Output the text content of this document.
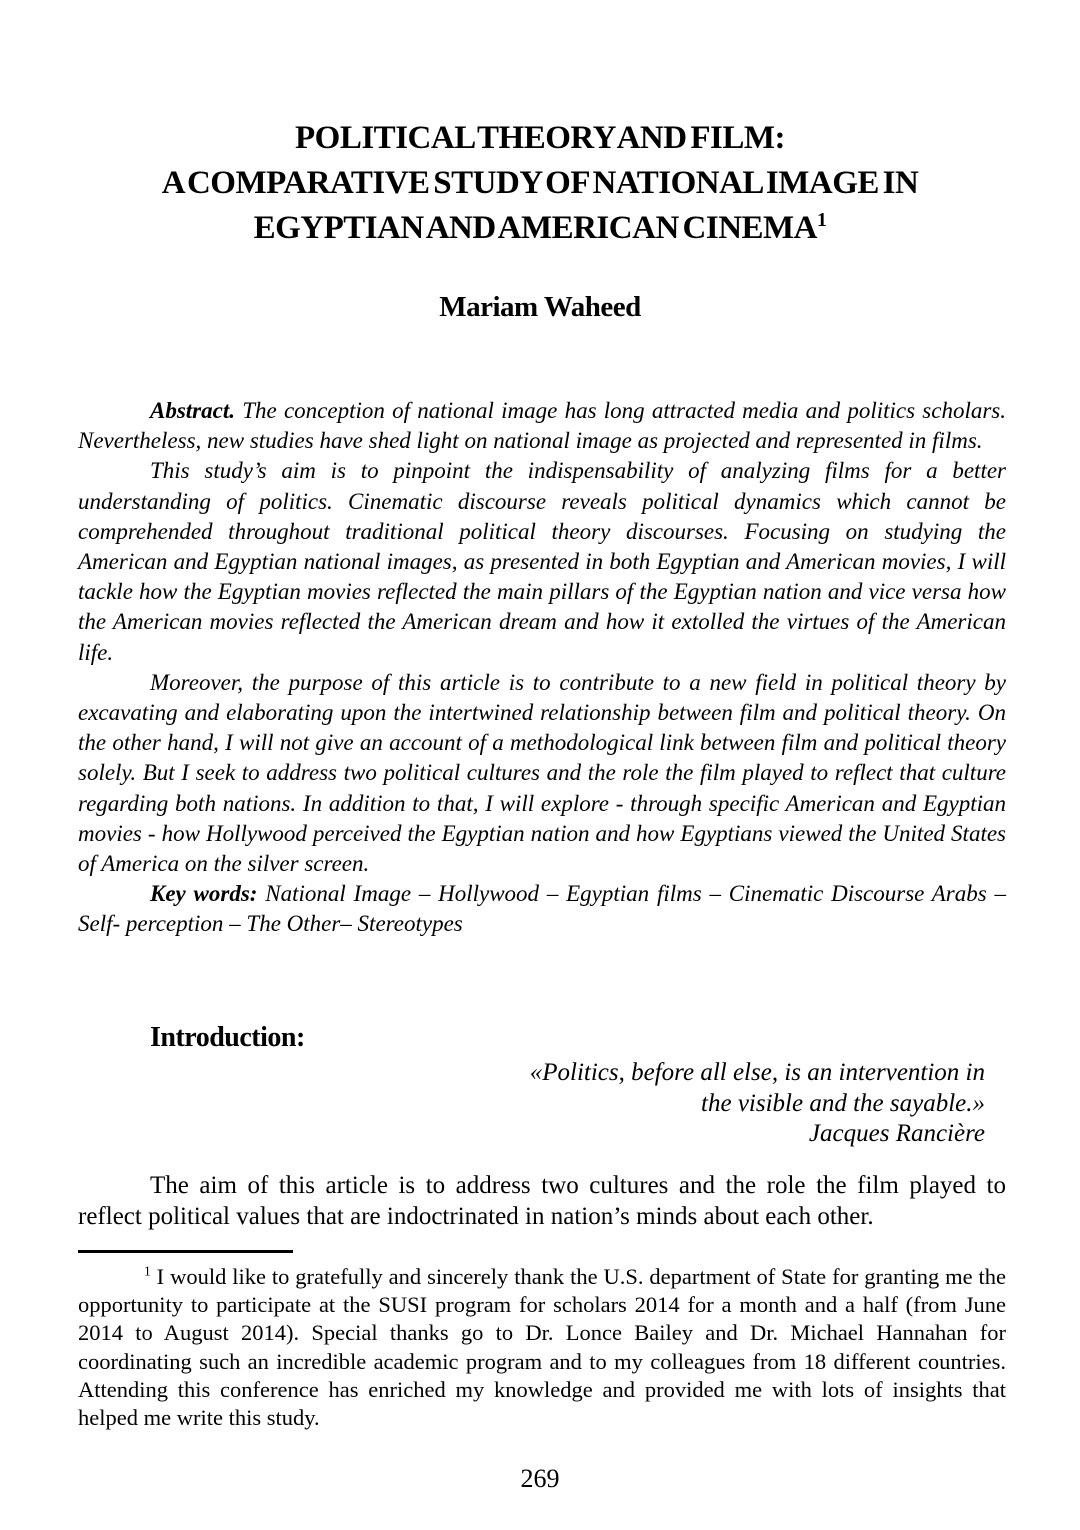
POLITICAL THEORY AND FILM:
A COMPARATIVE STUDY OF NATIONAL IMAGE IN
EGYPTIAN AND AMERICAN CINEMA$^1$
Mariam Waheed

Abstract. The conception of national image has long attracted media and politics scholars. Nevertheless, new studies have shed light on national image as projected and represented in films.

This study’s aim is to pinpoint the indispensability of analyzing films for a better understanding of politics. Cinematic discourse reveals political dynamics which cannot be comprehended throughout traditional political theory discourses. Focusing on studying the American and Egyptian national images, as presented in both Egyptian and American movies, I will tackle how the Egyptian movies reflected the main pillars of the Egyptian nation and vice versa how the American movies reflected the American dream and how it extolled the virtues of the American life.

Moreover, the purpose of this article is to contribute to a new field in political theory by excavating and elaborating upon the intertwined relationship between film and political theory. On the other hand, I will not give an account of a methodological link between film and political theory solely. But I seek to address two political cultures and the role the film played to reflect that culture regarding both nations. In addition to that, I will explore - through specific American and Egyptian movies - how Hollywood perceived the Egyptian nation and how Egyptians viewed the United States of America on the silver screen.

Key words: National Image – Hollywood – Egyptian films – Cinematic Discourse Arabs – Self- perception – The Other– Stereotypes

Introduction:
«Politics, before all else, is an intervention in
the visible and the sayable.»
Jacques Rancière

The aim of this article is to address two cultures and the role the film played to reflect political values that are indoctrinated in nation’s minds about each other.

$^1$ I would like to gratefully and sincerely thank the U.S. department of State for granting me the opportunity to participate at the SUSI program for scholars 2014 for a month and a half (from June 2014 to August 2014). Special thanks go to Dr. Lonce Bailey and Dr. Michael Hannahan for coordinating such an incredible academic program and to my colleagues from 18 different countries. Attending this conference has enriched my knowledge and provided me with lots of insights that helped me write this study.

269
